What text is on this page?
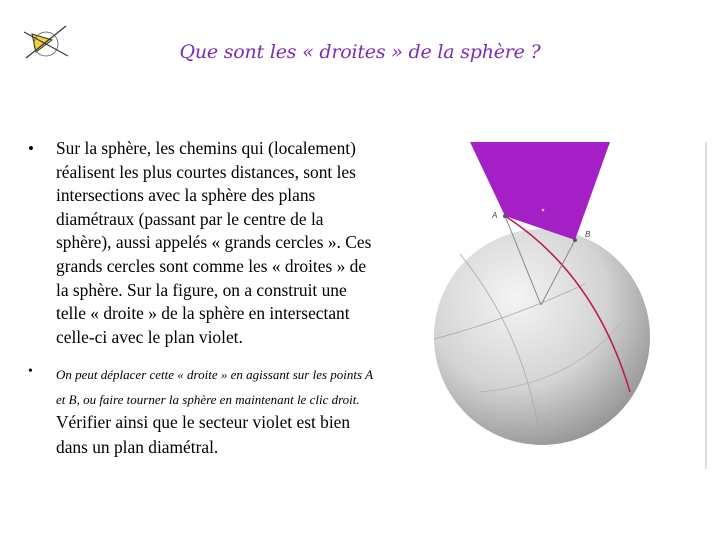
Que sont les « droites » de la sphère ?
• Sur la sphère, les chemins qui (localement) réalisent les plus courtes distances, sont les intersections avec la sphère des plans diamétraux (passant par le centre de la sphère), aussi appelés « grands cercles ». Ces grands cercles sont comme les « droites » de la sphère. Sur la figure, on a construit une telle « droite » de la sphère en intersectant celle-ci avec le plan violet.
• On peut déplacer cette « droite » en agissant sur les points A et B, ou faire tourner la sphère en maintenant le clic droit. Vérifier ainsi que le secteur violet est bien dans un plan diamétral.
A
B
